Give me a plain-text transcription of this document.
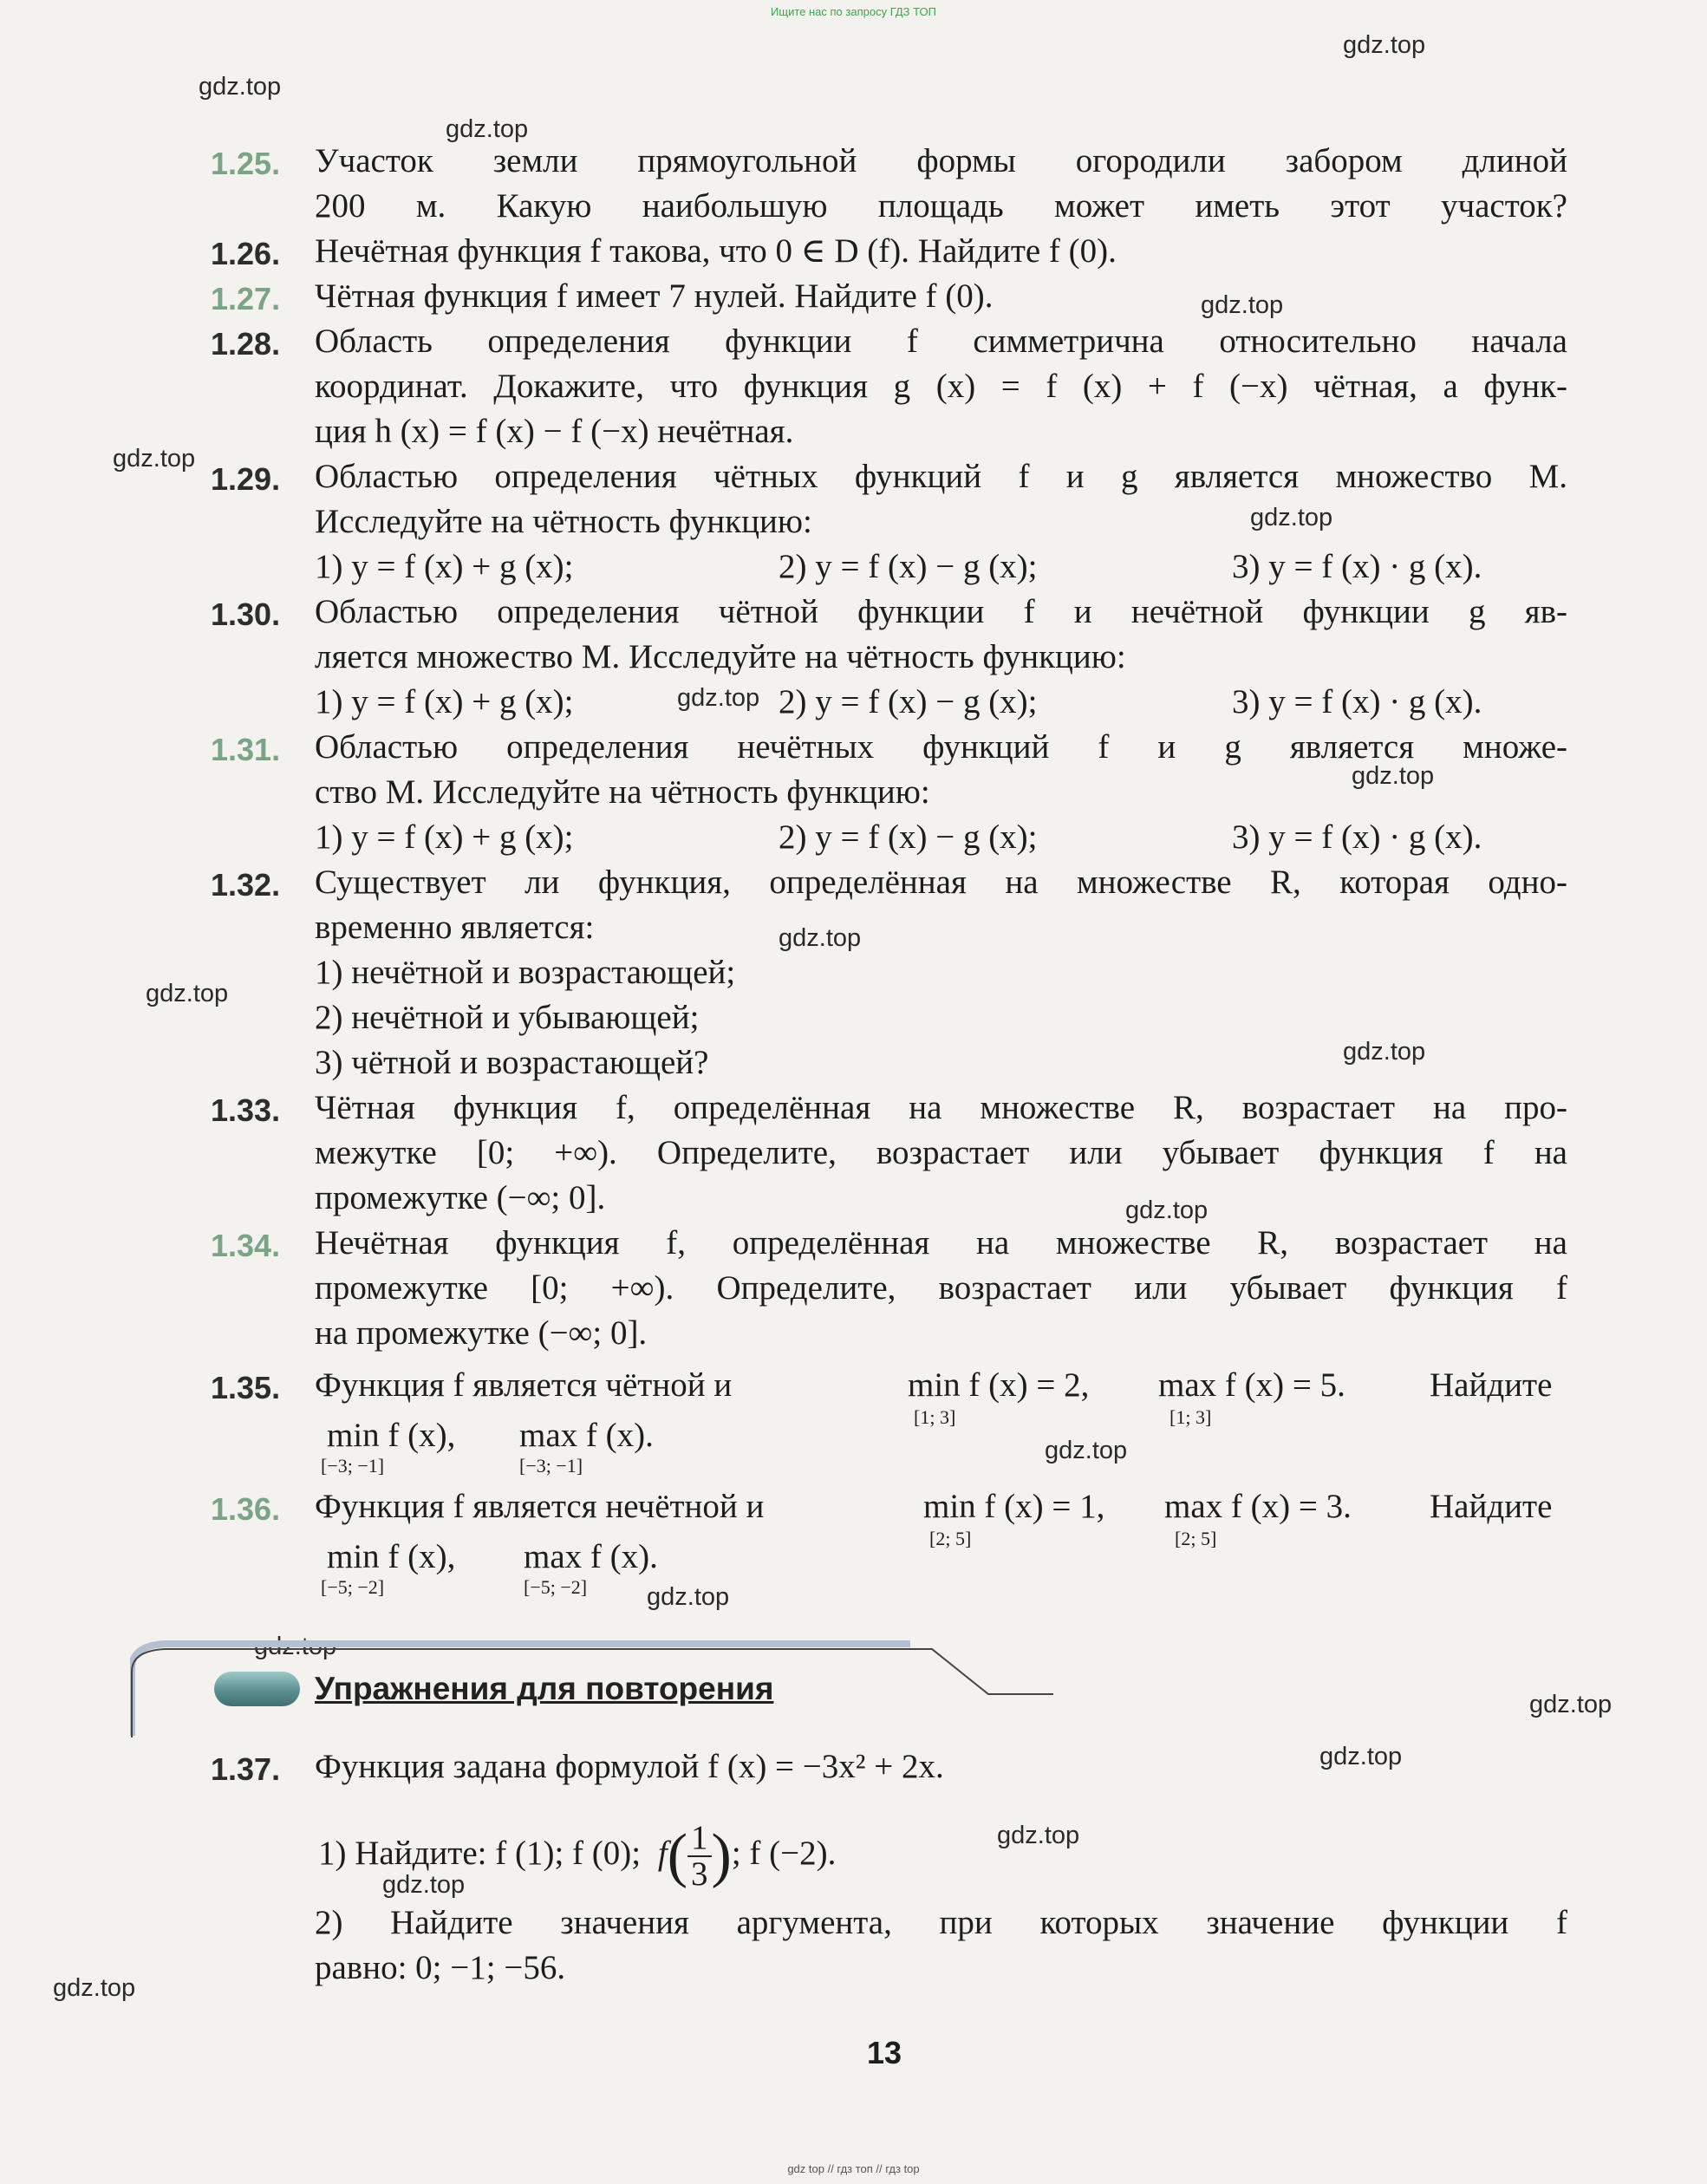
Ищите нас по запросу ГДЗ ТОП
gdz.top
gdz.top
gdz.top
gdz.top
gdz.top
gdz.top
gdz.top
gdz.top
gdz.top
gdz.top
gdz.top
gdz.top
gdz.top
gdz.top
gdz.top
gdz.top
gdz.top
gdz.top
gdz.top
gdz.top
1.25.	Участок земли прямоугольной формы огородили забором длиной
200 м. Какую наибольшую площадь может иметь этот участок?
1.26.	Нечётная функция f такова, что 0 ∈ D (f). Найдите f (0).
1.27.	Чётная функция f имеет 7 нулей. Найдите f (0).
1.28.	Область определения функции f симметрична относительно начала
координат. Докажите, что функция g (x) = f (x) + f (−x) чётная, а функ-
ция h (x) = f (x) − f (−x) нечётная.
1.29.	Областью определения чётных функций f и g является множество M.
Исследуйте на чётность функцию:
1) y = f (x) + g (x);	2) y = f (x) − g (x);	3) y = f (x) · g (x).
1.30.	Областью определения чётной функции f и нечётной функции g яв-
ляется множество M. Исследуйте на чётность функцию:
1) y = f (x) + g (x);	2) y = f (x) − g (x);	3) y = f (x) · g (x).
1.31.	Областью определения нечётных функций f и g является множе-
ство M. Исследуйте на чётность функцию:
1) y = f (x) + g (x);	2) y = f (x) − g (x);	3) y = f (x) · g (x).
1.32.	Существует ли функция, определённая на множестве R, которая одно-
временно является:
1) нечётной и возрастающей;
2) нечётной и убывающей;
3) чётной и возрастающей?
1.33.	Чётная функция f, определённая на множестве R, возрастает на про-
межутке [0; +∞). Определите, возрастает или убывает функция f на
промежутке (−∞; 0].
1.34.	Нечётная функция f, определённая на множестве R, возрастает на
промежутке [0; +∞). Определите, возрастает или убывает функция f
на промежутке (−∞; 0].
1.35.	Функция f является чётной и	min f (x) = 2, max f (x) = 5. Найдите
[1; 3]	[1; 3]
min f (x), max f (x).
[−3; −1]	[−3; −1]
1.36.	Функция f является нечётной и	min f (x) = 1, max f (x) = 3. Найдите
[2; 5]	[2; 5]
min f (x), max f (x).
[−5; −2]	[−5; −2]
Упражнения для повторения
1.37.	Функция задана формулой f (x) = −3x² + 2x.
1) Найдите: f (1); f (0); $f( \frac{1}{3}$ ); f (−2).
2) Найдите значения аргумента, при которых значение функции f
равно: 0; −1; −56.
13
gdz top // гдз топ // гдз top
